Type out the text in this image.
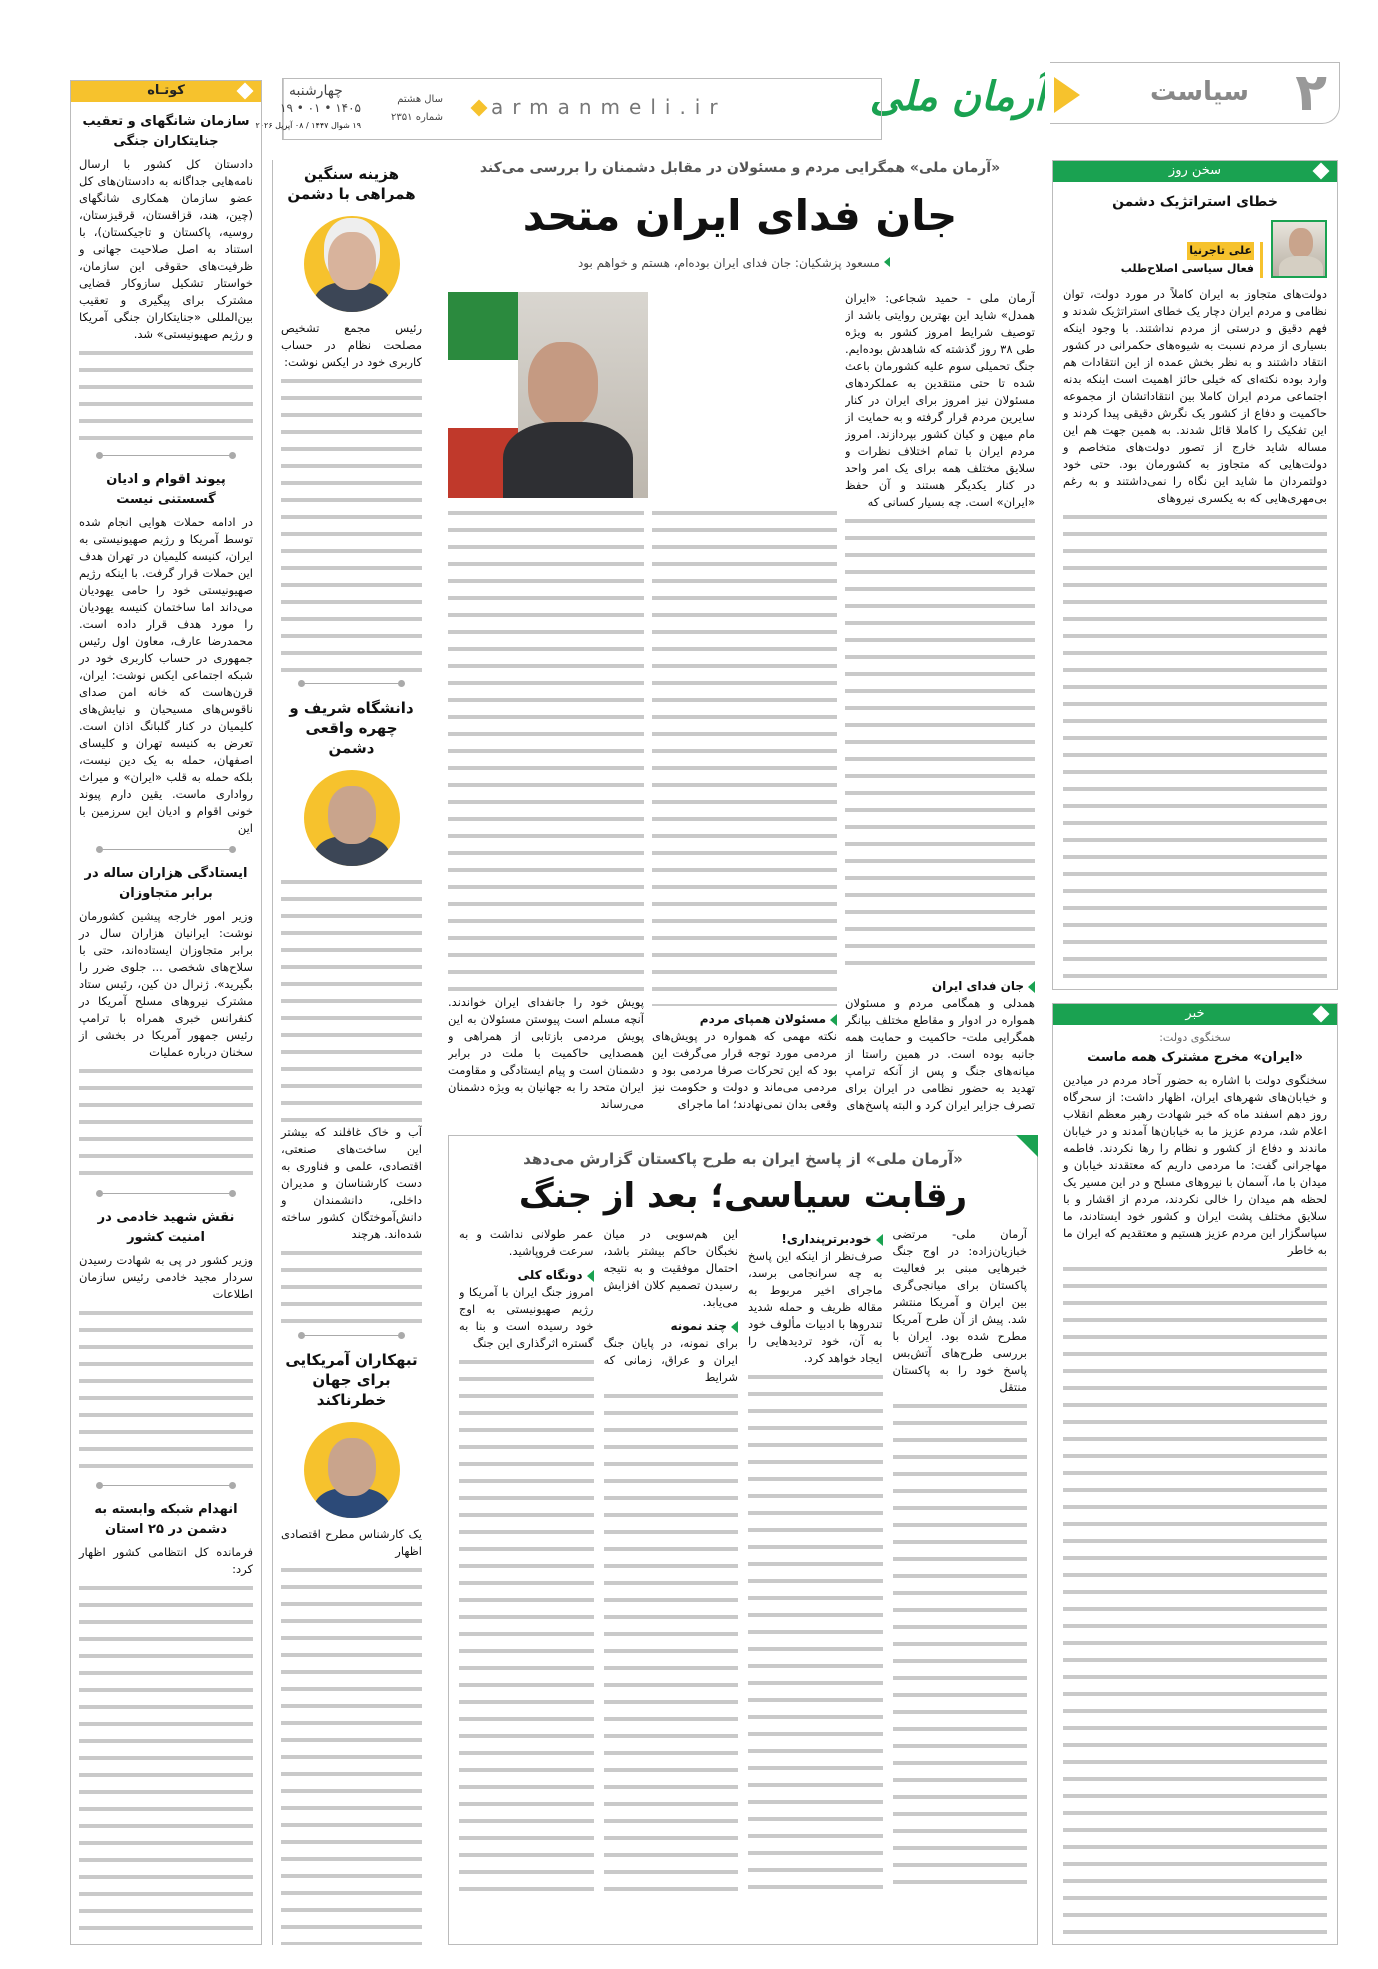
۲
سیاست
آرمان ملی
armanmeli.ir
سال هشتم
شماره ۲۳۵۱
چهارشنبه
۱۴۰۵ • ۰۱ • ۱۹
۱۹ شوال ۱۴۴۷ / ۰۸ آپریل ۲۰۲۶
کوتـاه
سازمان شانگهای و تعقیب جنایتکاران جنگی
دادستان کل کشور با ارسال نامه‌هایی جداگانه به دادستان‌های کل عضو سازمان همکاری شانگهای (چین، هند، قزاقستان، قرقیزستان، روسیه، پاکستان و تاجیکستان)، با استناد به اصل صلاحیت جهانی و ظرفیت‌های حقوقی این سازمان، خواستار تشکیل سازوکار قضایی مشترک برای پیگیری و تعقیب بین‌المللی «جنایتکاران جنگی آمریکا و رژیم صهیونیستی» شد.
پیوند اقوام و ادیان گسستنی نیست
در ادامه حملات هوایی انجام شده توسط آمریکا و رژیم صهیونیستی به ایران، کنیسه کلیمیان در تهران هدف این حملات قرار گرفت. با اینکه رژیم صهیونیستی خود را حامی یهودیان می‌داند اما ساختمان کنیسه یهودیان را مورد هدف قرار داده است. محمدرضا عارف، معاون اول رئیس جمهوری در حساب کاربری خود در شبکه اجتماعی ایکس نوشت: ایران، قرن‌هاست که خانه امن صدای ناقوس‌های مسیحیان و نیایش‌های کلیمیان در کنار گلبانگ اذان است. تعرض به کنیسه تهران و کلیسای اصفهان، حمله به یک دین نیست، بلکه حمله به قلب «ایران» و میراث رواداری ماست. یقین دارم پیوند خونی اقوام و ادیان این سرزمین با این
ایستادگی هزاران ساله در برابر متجاوزان
وزیر امور خارجه پیشین کشورمان نوشت: ایرانیان هزاران سال در برابر متجاوزان ایستاده‌اند، حتی با سلاح‌های شخصی ... جلوی ضرر را بگیرید». ژنرال دن کین، رئیس ستاد مشترک نیروهای مسلح آمریکا در کنفرانس خبری همراه با ترامپ رئیس جمهور آمریکا در بخشی از سخنان درباره عملیات
نقش شهید خادمی در امنیت کشور
وزیر کشور در پی به شهادت رسیدن سردار مجید خادمی رئیس سازمان اطلاعات
انهدام شبکه وابسته به دشمن در ۲۵ استان
فرمانده کل انتظامی کشور اظهار کرد:
هزینه سنگین همراهی با دشمن
رئیس مجمع تشخیص مصلحت نظام در حساب کاربری خود در ایکس نوشت:
دانشگاه شریف و چهره واقعی دشمن
آب و خاک غافلند که بیشتر این ساخت‌های صنعتی، اقتصادی، علمی و فناوری به دست کارشناسان و مدیران داخلی، دانشمندان و دانش‌آموختگان کشور ساخته شده‌اند. هرچند
تبهکاران آمریکایی برای جهان خطرناکند
یک کارشناس مطرح اقتصادی اظهار
«آرمان ملی» همگرایی مردم و مسئولان در مقابل دشمنان را بررسی می‌کند
جان فدای ایران متحد
مسعود پزشکیان: جان فدای ایران بوده‌ام، هستم و خواهم بود
آرمان ملی - حمید شجاعی: «ایران همدل» شاید این بهترین روایتی باشد از توصیف شرایط امروز کشور به ویژه طی ۳۸ روز گذشته که شاهدش بوده‌ایم. جنگ تحمیلی سوم علیه کشورمان باعث شده تا حتی منتقدین به عملکردهای مسئولان نیز امروز برای ایران در کنار سایرین مردم قرار گرفته و به حمایت از مام میهن و کیان کشور بپردازند. امروز مردم ایران با تمام اختلاف نظرات و سلایق مختلف همه برای یک امر واحد در کنار یکدیگر هستند و آن حفظ «ایران» است. چه بسیار کسانی که
جان فدای ایران
همدلی و همگامی مردم و مسئولان همواره در ادوار و مقاطع مختلف بیانگر همگرایی ملت- حاکمیت و حمایت همه جانبه بوده است. در همین راستا از میانه‌های جنگ و پس از آنکه ترامپ تهدید به حضور نظامی در ایران برای تصرف جزایر ایران کرد و البته پاسخ‌های
مسئولان همپای مردم
نکته مهمی که همواره در پویش‌های مردمی مورد توجه قرار می‌گرفت این بود که این تحرکات صرفا مردمی بود و مردمی می‌ماند و دولت و حکومت نیز وقعی بدان نمی‌نهادند؛ اما ماجرای
پویش خود را جانفدای ایران خواندند. آنچه مسلم است پیوستن مسئولان به این پویش مردمی بازتابی از همراهی و همصدایی حاکمیت با ملت در برابر دشمنان است و پیام ایستادگی و مقاومت ایران متحد را به جهانیان به ویژه دشمنان می‌رساند
«آرمان ملی» از پاسخ ایران به طرح پاکستان گزارش می‌دهد
رقابت سیاسی؛ بعد از جنگ
آرمان ملی- مرتضی خبازیان‌زاده: در اوج جنگ خبرهایی مبنی بر فعالیت پاکستان برای میانجی‌گری بین ایران و آمریکا منتشر شد. پیش از آن طرح آمریکا مطرح شده بود. ایران با بررسی طرح‌های آتش‌بس پاسخ خود را به پاکستان منتقل
خودبرترپنداری!
صرف‌نظر از اینکه این پاسخ به چه سرانجامی برسد، ماجرای اخیر مربوط به مقاله ظریف و حمله شدید تندروها با ادبیات مألوف خود به آن، خود تردیدهایی را ایجاد خواهد کرد.
این هم‌سویی در میان نخبگان حاکم بیشتر باشد، احتمال موفقیت و به نتیجه رسیدن تصمیم کلان افزایش می‌یابد.
چند نمونه
برای نمونه، در پایان جنگ ایران و عراق، زمانی که شرایط
عمر طولانی نداشت و به سرعت فروپاشید.
دونگاه کلی
امروز جنگ ایران با آمریکا و رژیم صهیونیستی به اوج خود رسیده است و بنا به گستره اثرگذاری این جنگ
سخن روز
خطای استراتژیک دشمن
علی تاجرنیا
فعال سیاسی اصلاح‌طلب
دولت‌های متجاوز به ایران کاملاً در مورد دولت، توان نظامی و مردم ایران دچار یک خطای استراتژیک شدند و فهم دقیق و درستی از مردم نداشتند. با وجود اینکه بسیاری از مردم نسبت به شیوه‌های حکمرانی در کشور انتقاد داشتند و به نظر بخش عمده از این انتقادات هم وارد بوده نکته‌ای که خیلی حائز اهمیت است اینکه بدنه اجتماعی مردم ایران کاملا بین انتقاداتشان از مجموعه حاکمیت و دفاع از کشور یک نگرش دقیقی پیدا کردند و این تفکیک را کاملا قائل شدند. به همین جهت هم این مساله شاید خارج از تصور دولت‌های متخاصم و دولت‌هایی که متجاوز به کشورمان بود. حتی خود دولتمردان ما شاید این نگاه را نمی‌داشتند و به رغم بی‌مهری‌هایی که به یکسری نیروهای
خبر
سخنگوی دولت:
«ایران» مخرج مشترک همه ماست
سخنگوی دولت با اشاره به حضور آحاد مردم در میادین و خیابان‌های شهرهای ایران، اظهار داشت: از سحرگاه روز دهم اسفند ماه که خبر شهادت رهبر معظم انقلاب اعلام شد، مردم عزیز ما به خیابان‌ها آمدند و در خیابان ماندند و دفاع از کشور و نظام را رها نکردند. فاطمه مهاجرانی گفت: ما مردمی داریم که معتقدند خیابان و میدان با ما، آسمان با نیروهای مسلح و در این مسیر یک لحظه هم میدان را خالی نکردند، مردم از اقشار و با سلایق مختلف پشت ایران و کشور خود ایستادند، ما سپاسگزار این مردم عزیز هستیم و معتقدیم که ایران ما به خاطر
